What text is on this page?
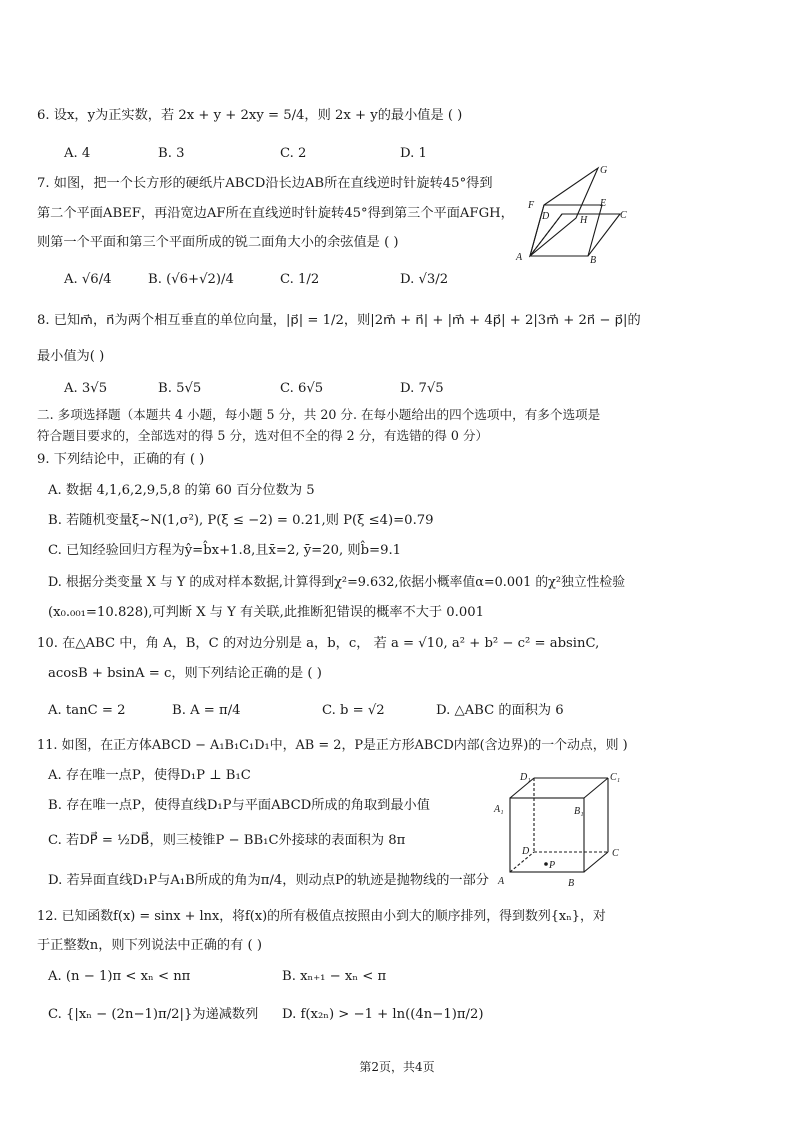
6. 设x，y为正实数，若 2x + y + 2xy = 5/4，则 2x + y的最小值是 ( )
A. 4	B. 3	C. 2	D. 1
7. 如图，把一个长方形的硬纸片ABCD沿长边AB所在直线逆时针旋转45°得到
第二个平面ABEF，再沿宽边AF所在直线逆时针旋转45°得到第三个平面AFGH，
则第一个平面和第三个平面所成的锐二面角大小的余弦值是 ( )
A. √6/4	B. (√6+√2)/4	C. 1/2	D. √3/2
G
F	E
D	H	C
A	B
8. 已知m⃗，n⃗为两个相互垂直的单位向量，|p⃗| = 1/2，则|2m⃗ + n⃗| + |m⃗ + 4p⃗| + 2|3m⃗ + 2n⃗ − p⃗|的
最小值为( )
A. 3√5	B. 5√5	C. 6√5	D. 7√5
二. 多项选择题（本题共 4 小题，每小题 5 分，共 20 分. 在每小题给出的四个选项中，有多个选项是
符合题目要求的，全部选对的得 5 分，选对但不全的得 2 分，有选错的得 0 分）
9. 下列结论中，正确的有 ( )
A. 数据 4,1,6,2,9,5,8 的第 60 百分位数为 5
B. 若随机变量ξ~N(1,σ²), P(ξ ≤ −2) = 0.21,则 P(ξ ≤4)=0.79
C. 已知经验回归方程为ŷ=b̂x+1.8,且x̄=2, ȳ=20, 则b̂=9.1
D. 根据分类变量 X 与 Y 的成对样本数据,计算得到χ²=9.632,依据小概率值α=0.001 的χ²独立性检验
(x₀.₀₀₁=10.828),可判断 X 与 Y 有关联,此推断犯错误的概率不大于 0.001
10. 在△ABC 中，角 A，B，C 的对边分别是 a，b，c， 若 a = √10, a² + b² − c² = absinC,
acosB + bsinA = c，则下列结论正确的是 ( )
A. tanC = 2	B. A = π/4	C. b = √2	D. △ABC 的面积为 6
11. 如图，在正方体ABCD − A₁B₁C₁D₁中，AB = 2，P是正方形ABCD内部(含边界)的一个动点，则 )
A. 存在唯一点P，使得D₁P ⊥ B₁C
B. 存在唯一点P，使得直线D₁P与平面ABCD所成的角取到最小值
C. 若DP⃗ = ½DB⃗，则三棱锥P − BB₁C外接球的表面积为 8π
D. 若异面直线D₁P与A₁B所成的角为π/4，则动点P的轨迹是抛物线的一部分
D₁	C₁
A₁	B₁
D	C
P
A	B
12. 已知函数f(x) = sinx + lnx，将f(x)的所有极值点按照由小到大的顺序排列，得到数列{xₙ}，对
于正整数n，则下列说法中正确的有 ( )
A. (n − 1)π < xₙ < nπ	B. xₙ₊₁ − xₙ < π
C. {|xₙ − (2n−1)π/2|}为递减数列 D. f(x₂ₙ) > −1 + ln((4n−1)π/2)
第2页，共4页
